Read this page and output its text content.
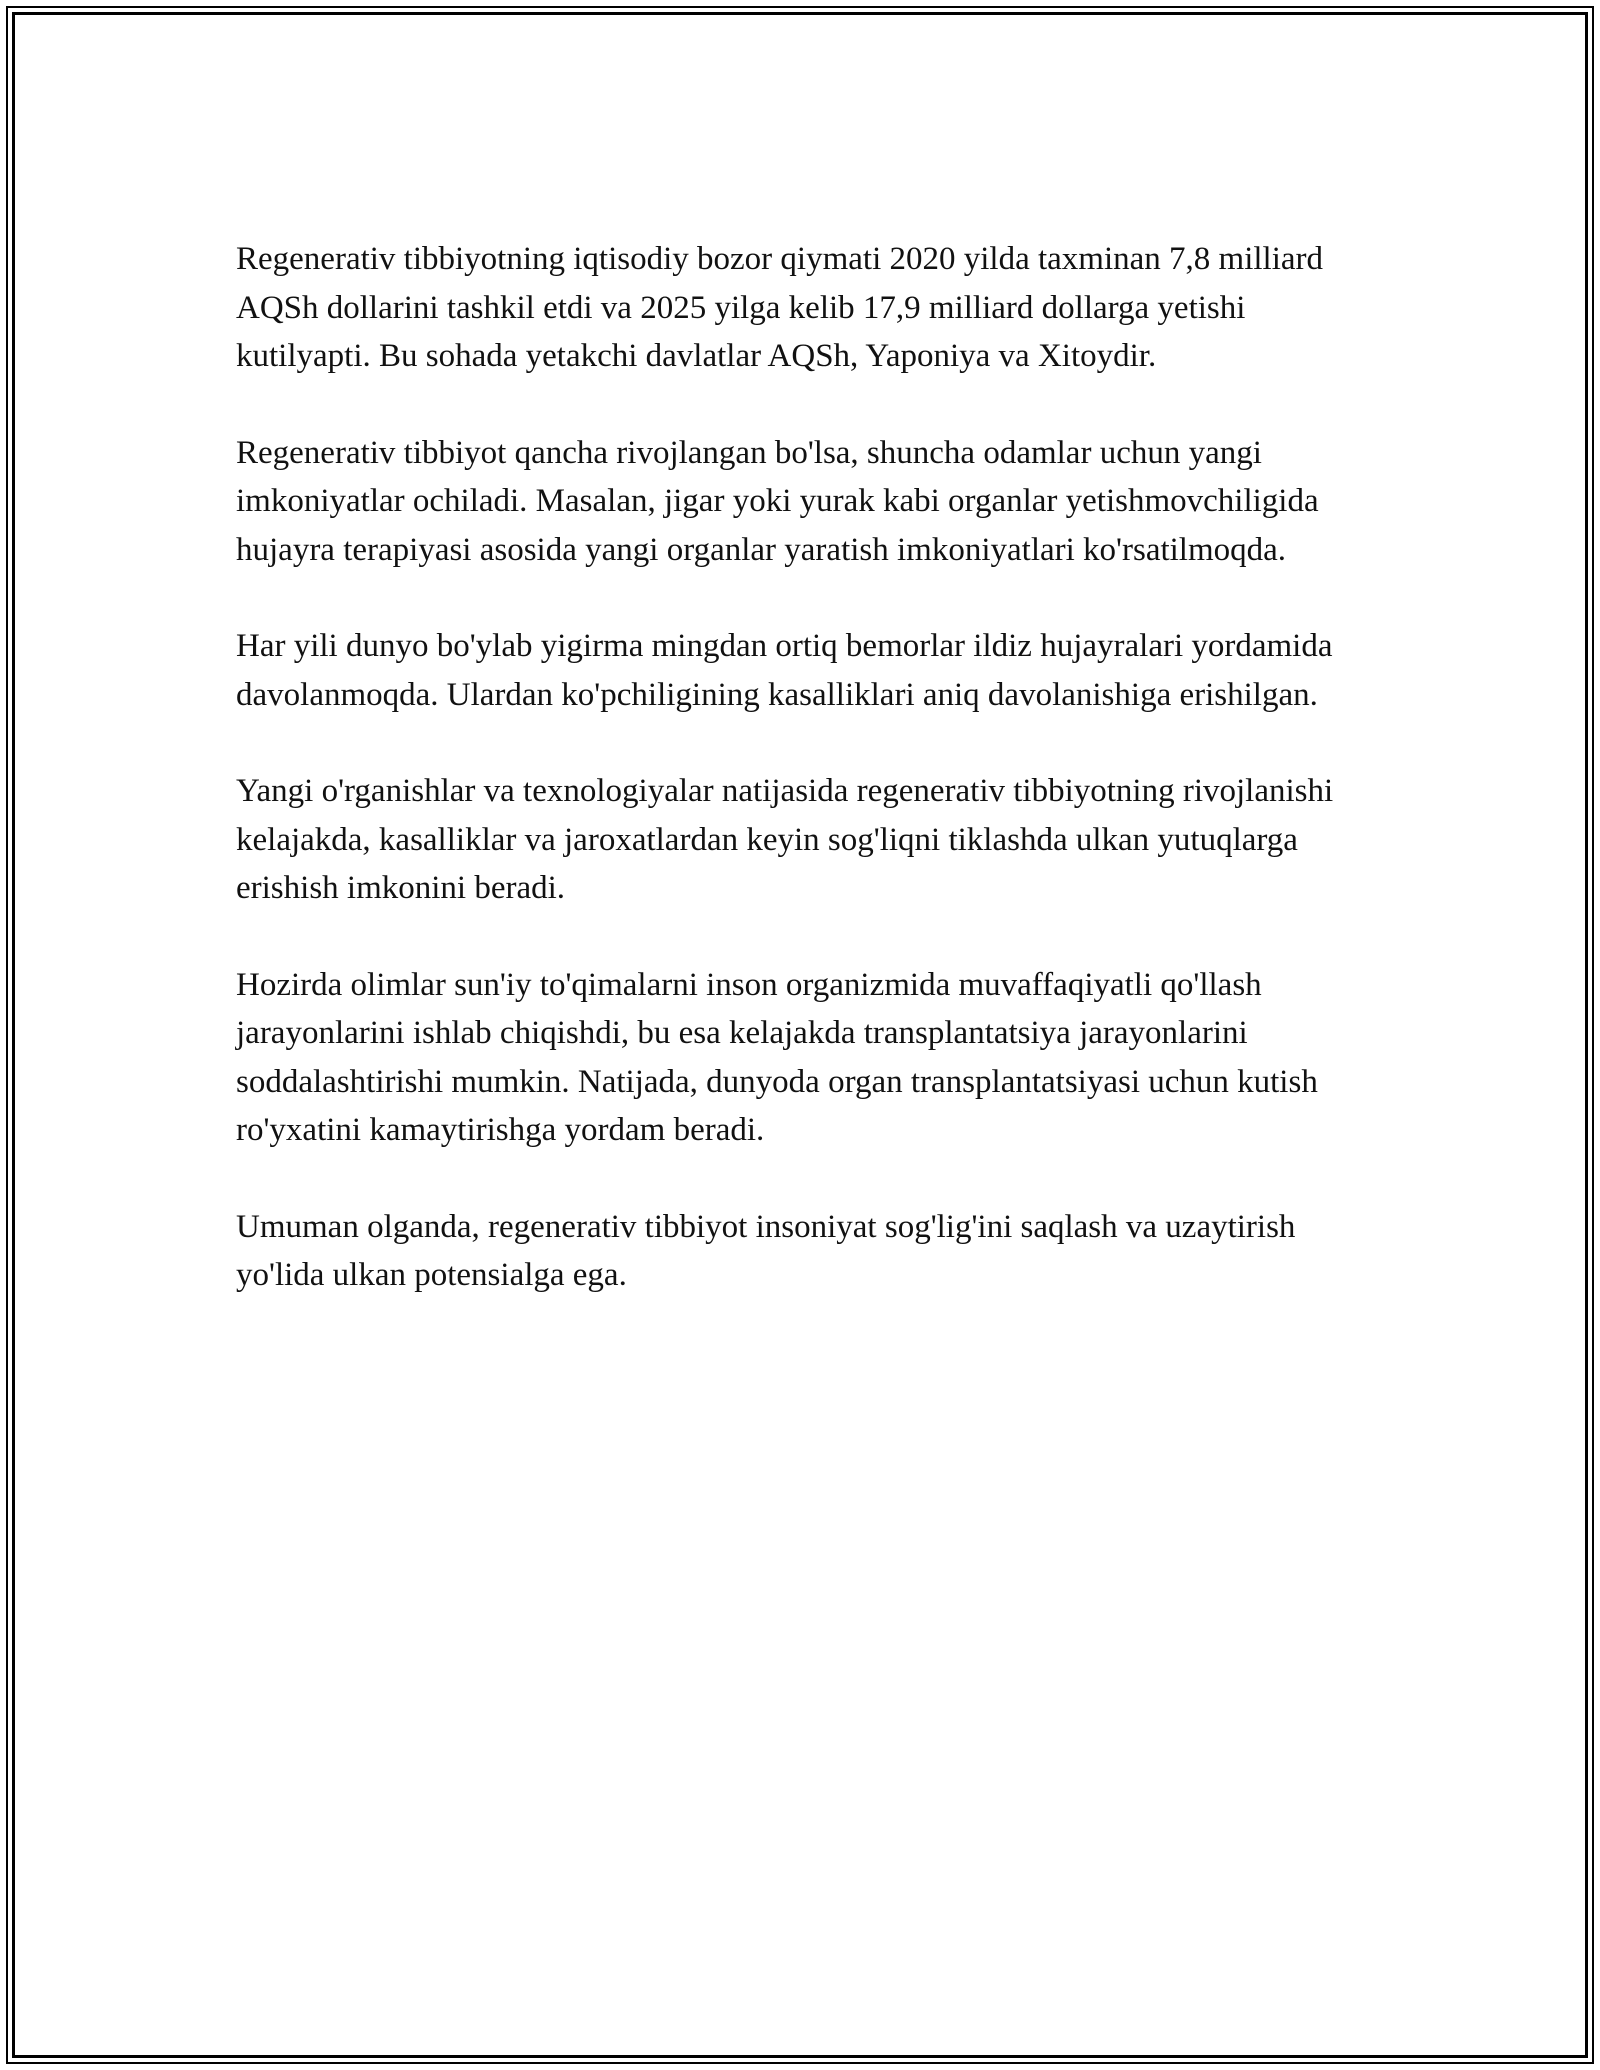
Regenerativ tibbiyotning iqtisodiy bozor qiymati 2020 yilda taxminan 7,8 milliard AQSh dollarini tashkil etdi va 2025 yilga kelib 17,9 milliard dollarga yetishi kutilyapti. Bu sohada yetakchi davlatlar AQSh, Yaponiya va Xitoydir.

Regenerativ tibbiyot qancha rivojlangan bo'lsa, shuncha odamlar uchun yangi imkoniyatlar ochiladi. Masalan, jigar yoki yurak kabi organlar yetishmovchiligida hujayra terapiyasi asosida yangi organlar yaratish imkoniyatlari ko'rsatilmoqda.

Har yili dunyo bo'ylab yigirma mingdan ortiq bemorlar ildiz hujayralari yordamida davolanmoqda. Ulardan ko'pchiligining kasalliklari aniq davolanishiga erishilgan.

Yangi o'rganishlar va texnologiyalar natijasida regenerativ tibbiyotning rivojlanishi kelajakda, kasalliklar va jaroxatlardan keyin sog'liqni tiklashda ulkan yutuqlarga erishish imkonini beradi.

Hozirda olimlar sun'iy to'qimalarni inson organizmida muvaffaqiyatli qo'llash jarayonlarini ishlab chiqishdi, bu esa kelajakda transplantatsiya jarayonlarini soddalashtirishi mumkin. Natijada, dunyoda organ transplantatsiyasi uchun kutish ro'yxatini kamaytirishga yordam beradi.

Umuman olganda, regenerativ tibbiyot insoniyat sog'lig'ini saqlash va uzaytirish yo'lida ulkan potensialga ega.
